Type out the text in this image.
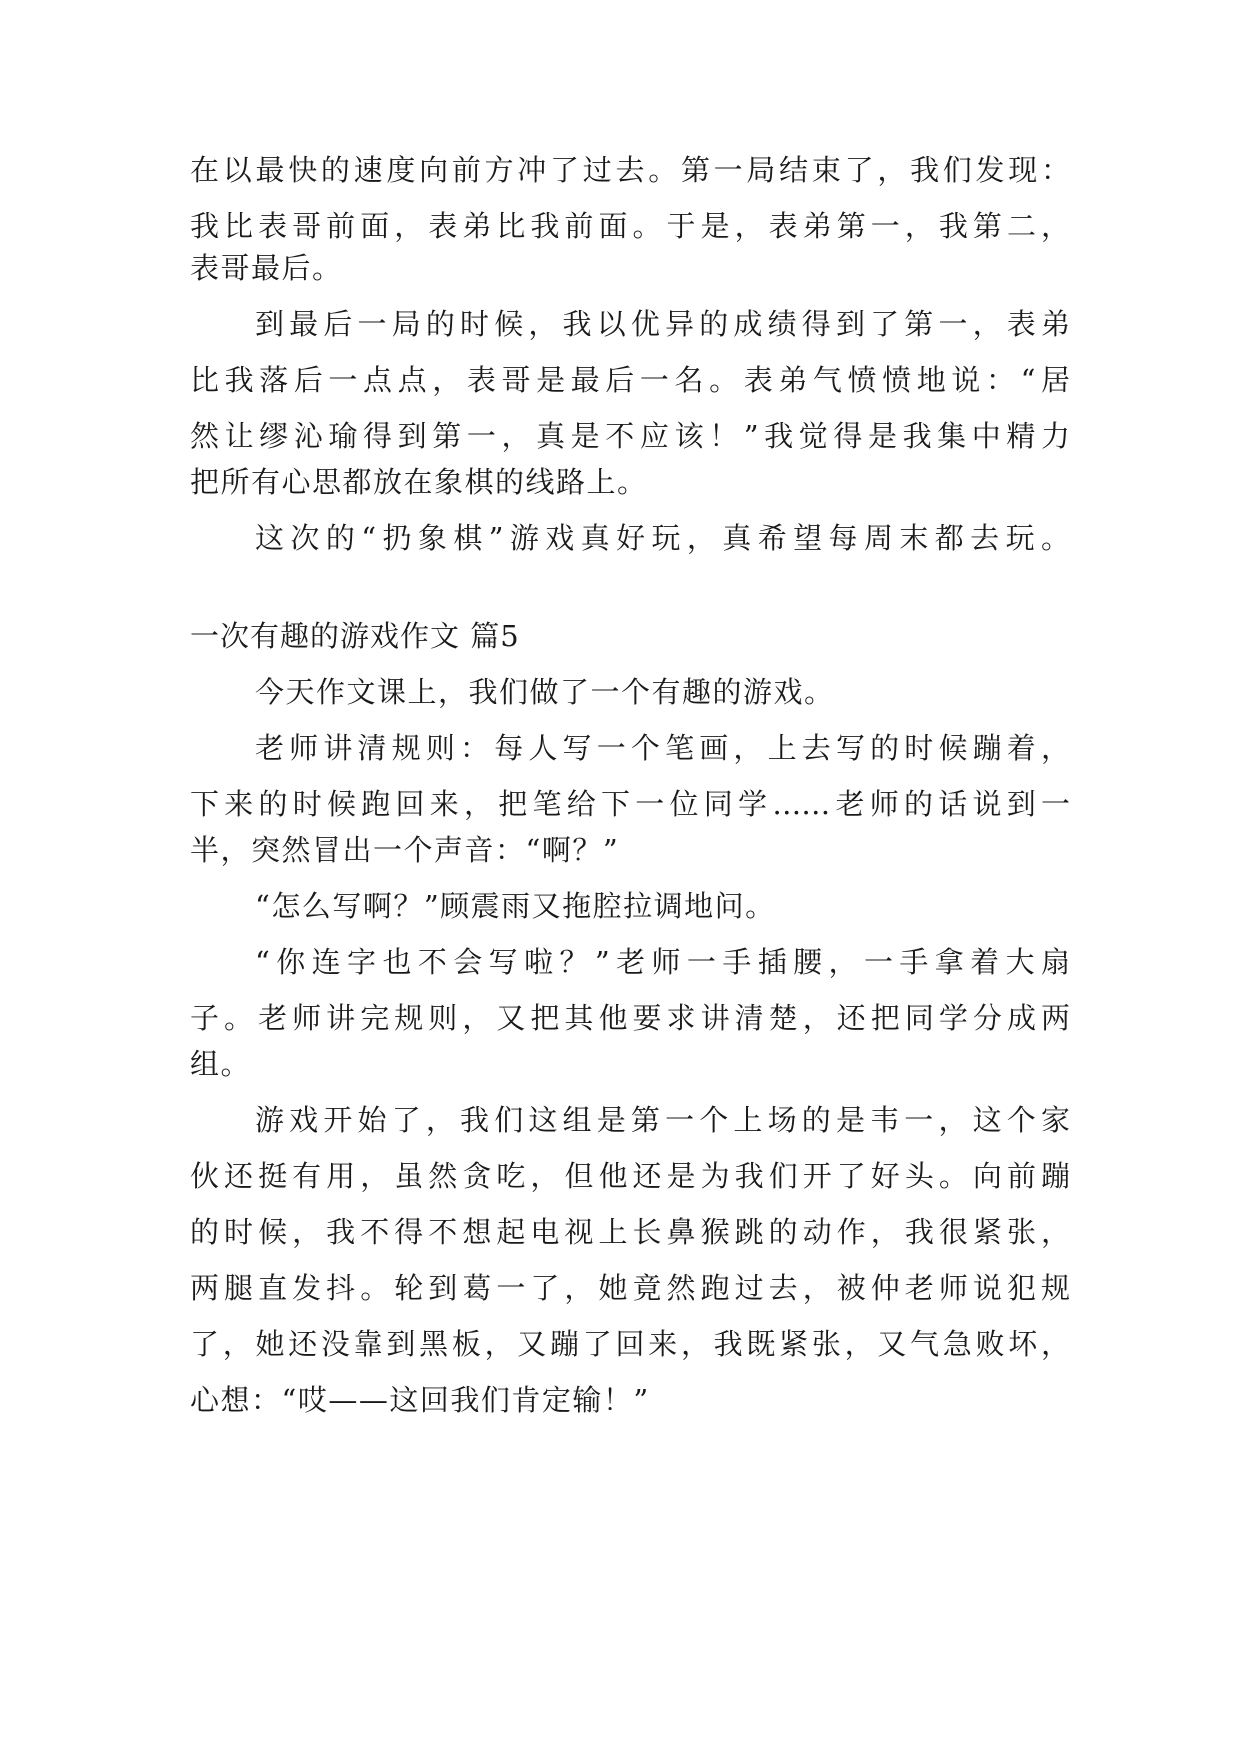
在以最快的速度向前方冲了过去。第一局结束了，我们发现：
我比表哥前面，表弟比我前面。于是，表弟第一，我第二，
表哥最后。
到最后一局的时候，我以优异的成绩得到了第一，表弟
比我落后一点点，表哥是最后一名。表弟气愤愤地说：“居
然让缪沁瑜得到第一，真是不应该！”我觉得是我集中精力
把所有心思都放在象棋的线路上。
这次的“扔象棋”游戏真好玩，真希望每周末都去玩。
一次有趣的游戏作文 篇5
今天作文课上，我们做了一个有趣的游戏。
老师讲清规则：每人写一个笔画，上去写的时候蹦着，
下来的时候跑回来，把笔给下一位同学……老师的话说到一
半，突然冒出一个声音：“啊？”
“怎么写啊？”顾震雨又拖腔拉调地问。
“你连字也不会写啦？”老师一手插腰，一手拿着大扇
子。老师讲完规则，又把其他要求讲清楚，还把同学分成两
组。
游戏开始了，我们这组是第一个上场的是韦一，这个家
伙还挺有用，虽然贪吃，但他还是为我们开了好头。向前蹦
的时候，我不得不想起电视上长鼻猴跳的动作，我很紧张，
两腿直发抖。轮到葛一了，她竟然跑过去，被仲老师说犯规
了，她还没靠到黑板，又蹦了回来，我既紧张，又气急败坏，
心想：“哎——这回我们肯定输！”
